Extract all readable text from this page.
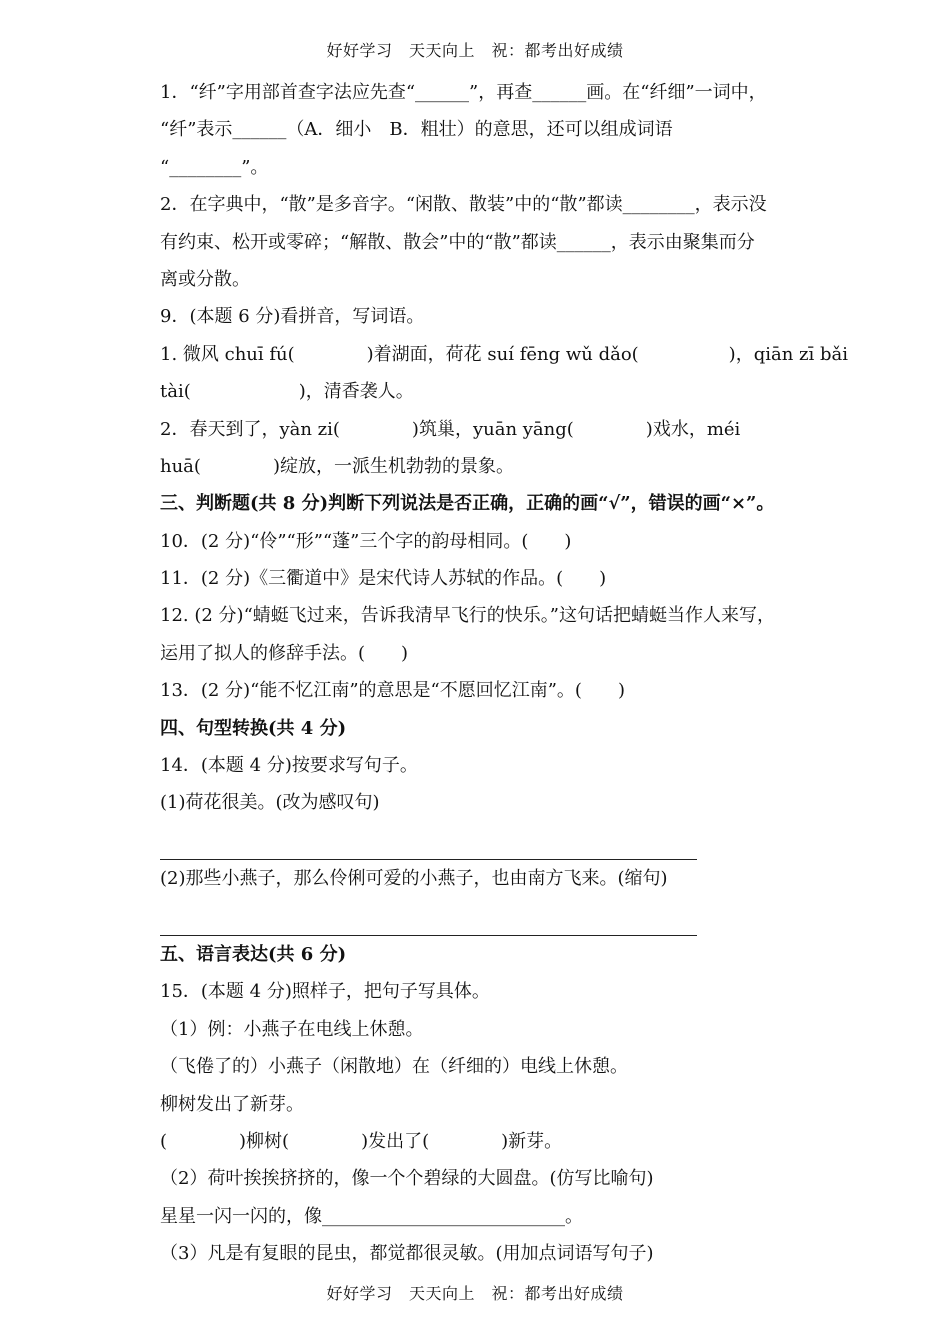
好好学习　天天向上　祝：都考出好成绩
1．“纤”字用部首查字法应先查“______”，再查______画。在“纤细”一词中，
“纤”表示______（A．细小　B．粗壮）的意思，还可以组成词语
“________”。
2．在字典中，“散”是多音字。“闲散、散装”中的“散”都读________，表示没
有约束、松开或零碎；“解散、散会”中的“散”都读______，表示由聚集而分
离或分散。
9．(本题 6 分)看拼音，写词语。
1. 微风 chuī fú(　　　　)着湖面，荷花 suí fēng wǔ dǎo(　　　　　)，qiān zī bǎi
tài(　　　　　　)，清香袭人。
2．春天到了，yàn zi(　　　　)筑巢，yuān yāng(　　　　)戏水，méi
huā(　　　　)绽放，一派生机勃勃的景象。
三、判断题(共 8 分)判断下列说法是否正确，正确的画“√”，错误的画“×”。
10．(2 分)“伶”“形”“蓬”三个字的韵母相同。(　　)
11．(2 分)《三衢道中》是宋代诗人苏轼的作品。(　　)
12. (2 分)“蜻蜓飞过来，告诉我清早飞行的快乐。”这句话把蜻蜓当作人来写，
运用了拟人的修辞手法。(　　)
13．(2 分)“能不忆江南”的意思是“不愿回忆江南”。(　　)
四、句型转换(共 4 分)
14．(本题 4 分)按要求写句子。
(1)荷花很美。(改为感叹句)
(2)那些小燕子，那么伶俐可爱的小燕子，也由南方飞来。(缩句)
五、语言表达(共 6 分)
15．(本题 4 分)照样子，把句子写具体。
（1）例：小燕子在电线上休憩。
（飞倦了的）小燕子（闲散地）在（纤细的）电线上休憩。
柳树发出了新芽。
(　　　　)柳树(　　　　)发出了(　　　　)新芽。
（2）荷叶挨挨挤挤的，像一个个碧绿的大圆盘。(仿写比喻句)
星星一闪一闪的，像___________________________。
（3）凡是有复眼的昆虫，都觉都很灵敏。(用加点词语写句子)
好好学习　天天向上　祝：都考出好成绩
